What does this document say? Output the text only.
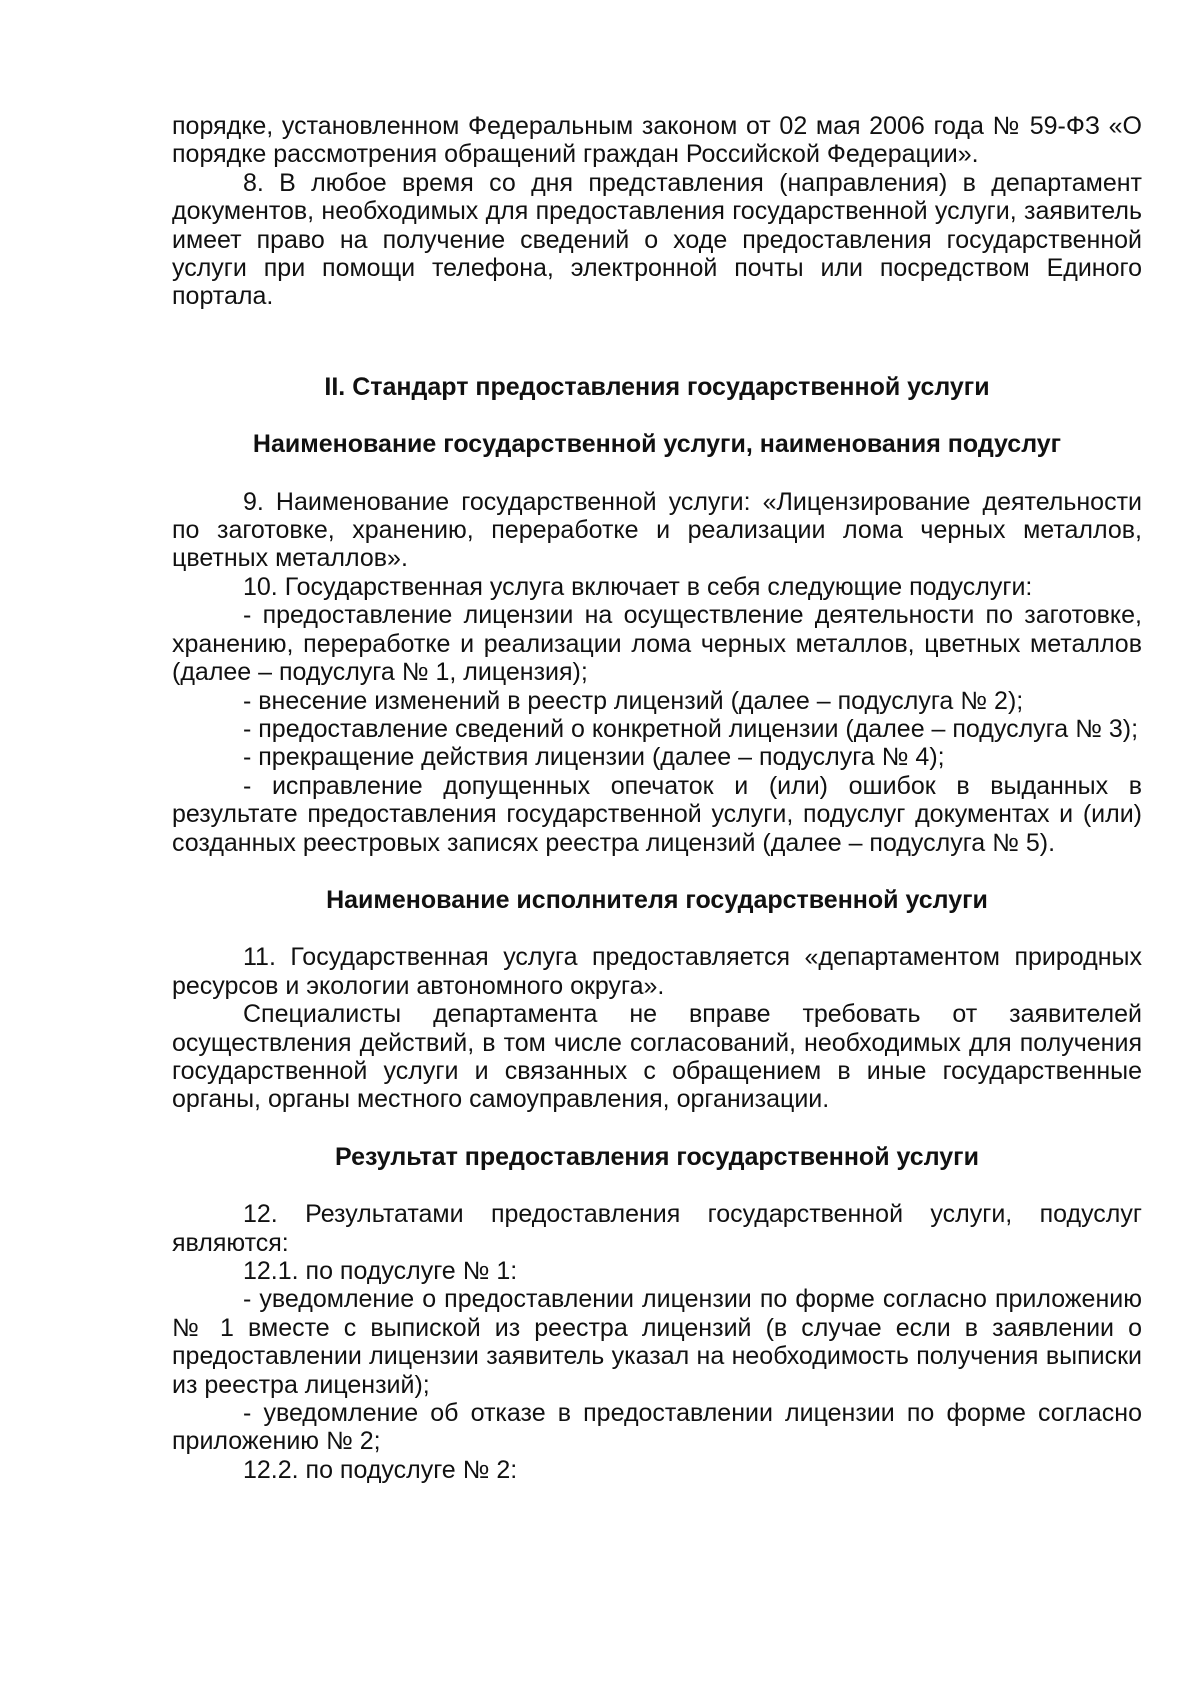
порядке, установленном Федеральным законом от 02 мая 2006 года № 59-ФЗ «О порядке рассмотрения обращений граждан Российской Федерации».

8. В любое время со дня представления (направления) в департамент документов, необходимых для предоставления государственной услуги, заявитель имеет право на получение сведений о ходе предоставления государственной услуги при помощи телефона, электронной почты или посредством Единого портала.

II. Стандарт предоставления государственной услуги

Наименование государственной услуги, наименования подуслуг

9. Наименование государственной услуги: «Лицензирование деятельности по заготовке, хранению, переработке и реализации лома черных металлов, цветных металлов».

10. Государственная услуга включает в себя следующие подуслуги:

- предоставление лицензии на осуществление деятельности по заготовке, хранению, переработке и реализации лома черных металлов, цветных металлов (далее – подуслуга № 1, лицензия);

- внесение изменений в реестр лицензий (далее – подуслуга № 2);

- предоставление сведений о конкретной лицензии (далее – подуслуга № 3);

- прекращение действия лицензии (далее – подуслуга № 4);

- исправление допущенных опечаток и (или) ошибок в выданных в результате предоставления государственной услуги, подуслуг документах и (или) созданных реестровых записях реестра лицензий (далее – подуслуга № 5).

Наименование исполнителя государственной услуги

11. Государственная услуга предоставляется «департаментом природных ресурсов и экологии автономного округа».

Специалисты департамента не вправе требовать от заявителей осуществления действий, в том числе согласований, необходимых для получения государственной услуги и связанных с обращением в иные государственные органы, органы местного самоуправления, организации.

Результат предоставления государственной услуги

12. Результатами предоставления государственной услуги, подуслуг являются:

12.1. по подуслуге № 1:

- уведомление о предоставлении лицензии по форме согласно приложению № 1 вместе с выпиской из реестра лицензий (в случае если в заявлении о предоставлении лицензии заявитель указал на необходимость получения выписки из реестра лицензий);

- уведомление об отказе в предоставлении лицензии по форме согласно приложению № 2;

12.2. по подуслуге № 2:
